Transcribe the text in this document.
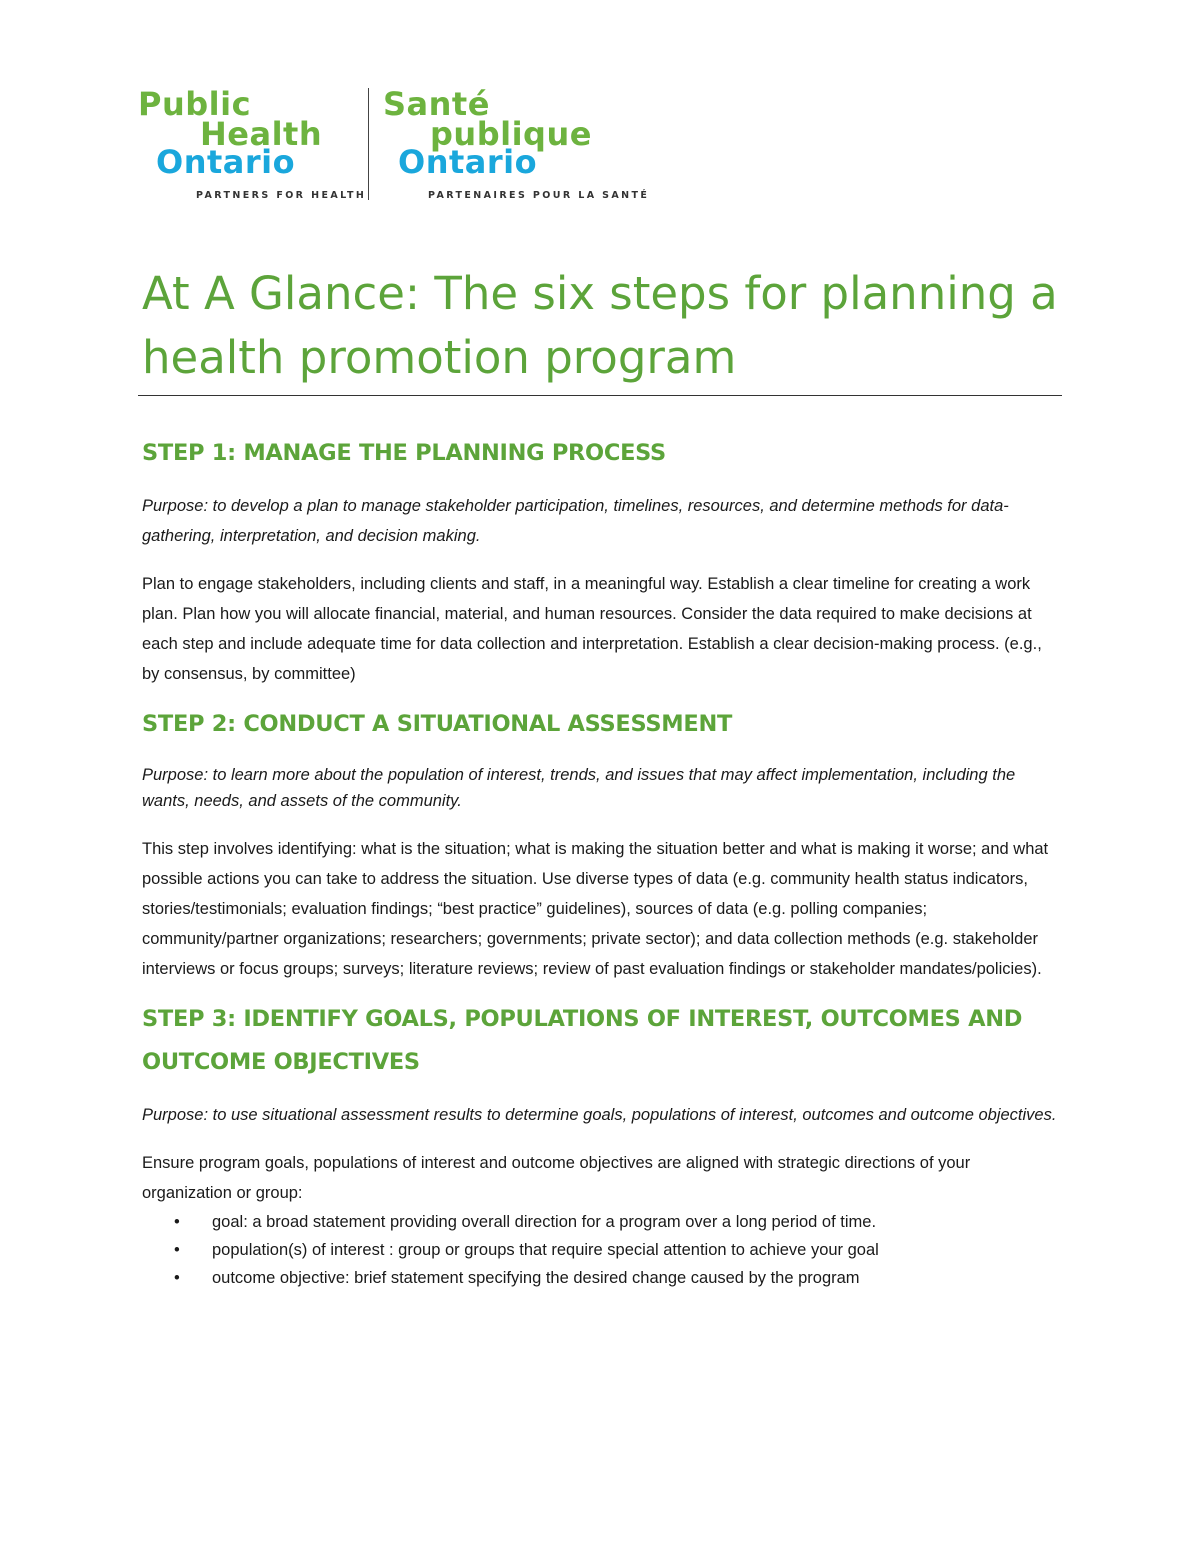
Public
Health
Ontario
PARTNERS FOR HEALTH
Santé
publique
Ontario
PARTENAIRES POUR LA SANTÉ
At A Glance: The six steps for planning a health promotion program
STEP 1: MANAGE THE PLANNING PROCESS

Purpose: to develop a plan to manage stakeholder participation, timelines, resources, and determine methods for data-gathering, interpretation, and decision making.

Plan to engage stakeholders, including clients and staff, in a meaningful way. Establish a clear timeline for creating a work plan. Plan how you will allocate financial, material, and human resources. Consider the data required to make decisions at each step and include adequate time for data collection and interpretation. Establish a clear decision-making process. (e.g., by consensus, by committee)

STEP 2: CONDUCT A SITUATIONAL ASSESSMENT

Purpose: to learn more about the population of interest, trends, and issues that may affect implementation, including the wants, needs, and assets of the community.

This step involves identifying: what is the situation; what is making the situation better and what is making it worse; and what possible actions you can take to address the situation. Use diverse types of data (e.g. community health status indicators, stories/testimonials; evaluation findings; “best practice” guidelines), sources of data (e.g. polling companies; community/partner organizations; researchers; governments; private sector); and data collection methods (e.g. stakeholder interviews or focus groups; surveys; literature reviews; review of past evaluation findings or stakeholder mandates/policies).

STEP 3: IDENTIFY GOALS, POPULATIONS OF INTEREST, OUTCOMES AND OUTCOME OBJECTIVES

Purpose: to use situational assessment results to determine goals, populations of interest, outcomes and outcome objectives.

Ensure program goals, populations of interest and outcome objectives are aligned with strategic directions of your organization or group:

• goal: a broad statement providing overall direction for a program over a long period of time.
• population(s) of interest : group or groups that require special attention to achieve your goal
• outcome objective: brief statement specifying the desired change caused by the program
